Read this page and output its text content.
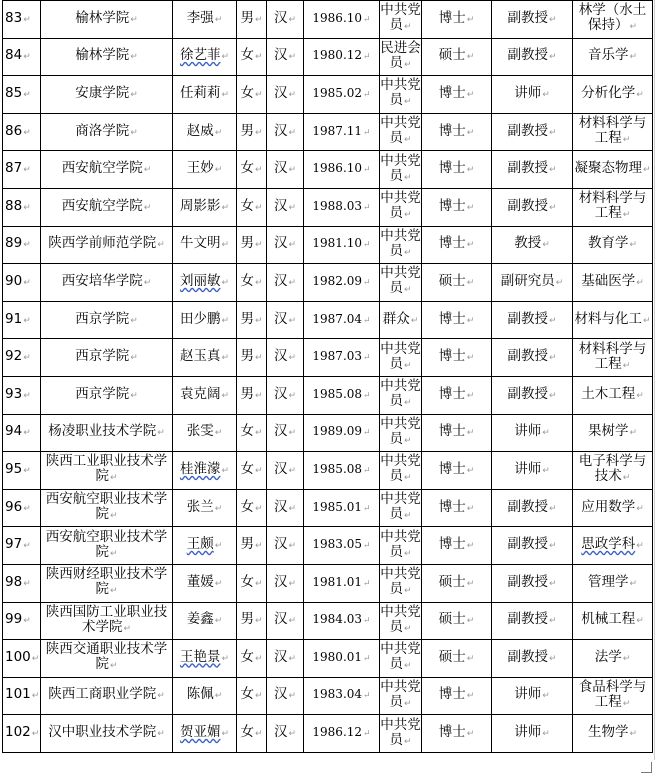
83↵	榆林学院↵	李强↵	男↵	汉↵	1986.10↵	中共党员↵	博士↵	副教授↵	林学（水土保持）↵
84↵	榆林学院↵	徐艺菲↵	女↵	汉↵	1980.12↵	民进会员↵	硕士↵	副教授↵	音乐学↵
85↵	安康学院↵	任莉莉↵	女↵	汉↵	1985.02↵	中共党员↵	博士↵	讲师↵	分析化学↵
86↵	商洛学院↵	赵威↵	男↵	汉↵	1987.11↵	中共党员↵	博士↵	副教授↵	材料科学与工程↵
87↵	西安航空学院↵	王妙↵	女↵	汉↵	1986.10↵	中共党员↵	博士↵	副教授↵	凝聚态物理↵
88↵	西安航空学院↵	周影影↵	女↵	汉↵	1988.03↵	中共党员↵	博士↵	副教授↵	材料科学与工程↵
89↵	陕西学前师范学院↵	牛文明↵	男↵	汉↵	1981.10↵	中共党员↵	博士↵	教授↵	教育学↵
90↵	西安培华学院↵	刘丽敏↵	女↵	汉↵	1982.09↵	中共党员↵	硕士↵	副研究员↵	基础医学↵
91↵	西京学院↵	田少鹏↵	男↵	汉↵	1987.04↵	群众↵	博士↵	副教授↵	材料与化工↵
92↵	西京学院↵	赵玉真↵	男↵	汉↵	1987.03↵	中共党员↵	博士↵	副教授↵	材料科学与工程↵
93↵	西京学院↵	袁克阔↵	男↵	汉↵	1985.08↵	中共党员↵	博士↵	副教授↵	土木工程↵
94↵	杨凌职业技术学院↵	张雯↵	女↵	汉↵	1989.09↵	中共党员↵	博士↵	讲师↵	果树学↵
95↵	陕西工业职业技术学院↵	桂淮濛↵	女↵	汉↵	1985.08↵	中共党员↵	博士↵	讲师↵	电子科学与技术↵
96↵	西安航空职业技术学院↵	张兰↵	女↵	汉↵	1985.01↵	中共党员↵	博士↵	副教授↵	应用数学↵
97↵	西安航空职业技术学院↵	王颇↵	男↵	汉↵	1983.05↵	中共党员↵	博士↵	副教授↵	思政学科↵
98↵	陕西财经职业技术学院↵	董媛↵	女↵	汉↵	1981.01↵	中共党员↵	硕士↵	副教授↵	管理学↵
99↵	陕西国防工业职业技术学院↵	姜鑫↵	男↵	汉↵	1984.03↵	中共党员↵	硕士↵	副教授↵	机械工程↵
100↵	陕西交通职业技术学院↵	王艳景↵	女↵	汉↵	1980.01↵	中共党员↵	硕士↵	副教授↵	法学↵
101↵	陕西工商职业学院↵	陈佩↵	女↵	汉↵	1983.04↵	中共党员↵	博士↵	讲师↵	食品科学与工程↵
102↵	汉中职业技术学院↵	贺亚媚↵	女↵	汉↵	1986.12↵	中共党员↵	博士↵	讲师↵	生物学↵
